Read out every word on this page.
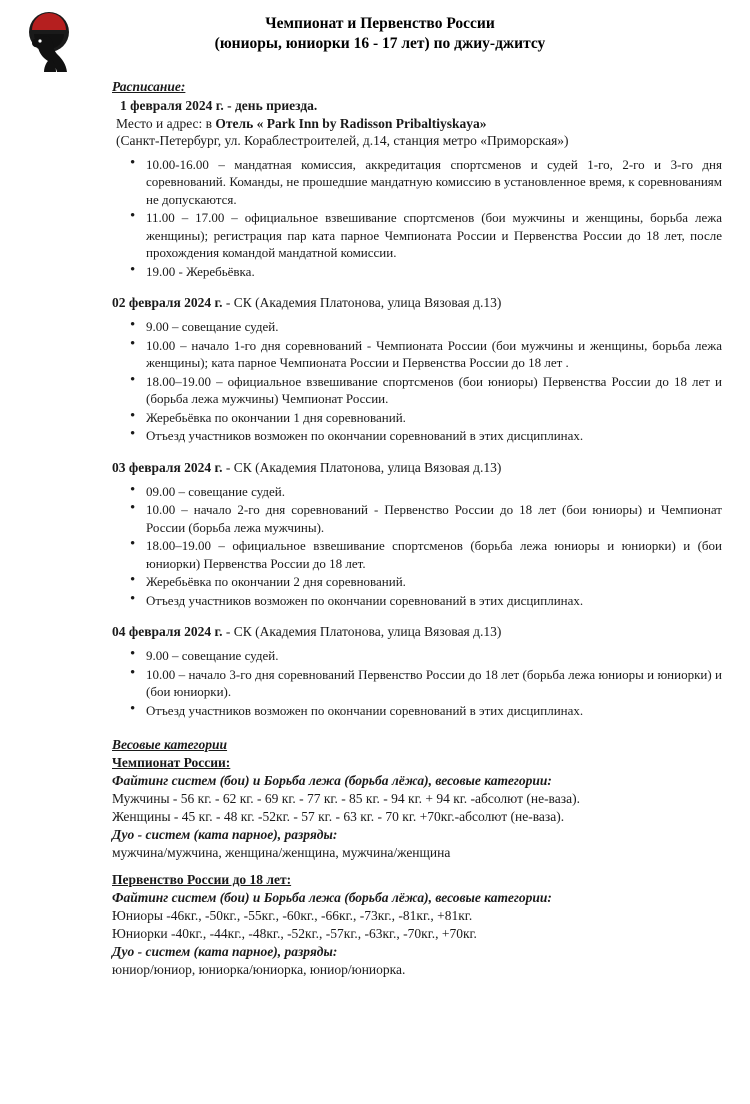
Чемпионат и Первенство России
(юниоры, юниорки 16 - 17 лет) по джиу-джитсу
Расписание:
1 февраля 2024 г. - день приезда.
Место и адрес: в Отель « Park Inn by Radisson Pribaltiyskaya»
(Санкт-Петербург, ул. Кораблестроителей, д.14, станция метро «Приморская»)
• 10.00-16.00 – мандатная комиссия, аккредитация спортсменов и судей 1-го, 2-го и 3-го дня соревнований. Команды, не прошедшие мандатную комиссию в установленное время, к соревнованиям не допускаются.
• 11.00 – 17.00 – официальное взвешивание спортсменов (бои мужчины и женщины, борьба лежа женщины); регистрация пар ката парное Чемпионата России и Первенства России до 18 лет, после прохождения командой мандатной комиссии.
• 19.00 - Жеребьёвка.
02 февраля 2024 г. - СК (Академия Платонова, улица Вязовая д.13)
• 9.00 – совещание судей.
• 10.00 – начало 1-го дня соревнований - Чемпионата России (бои мужчины и женщины, борьба лежа женщины); ката парное Чемпионата России и Первенства России до 18 лет .
• 18.00–19.00 – официальное взвешивание спортсменов (бои юниоры) Первенства России до 18 лет и (борьба лежа мужчины) Чемпионат России.
• Жеребьёвка по окончании 1 дня соревнований.
• Отъезд участников возможен по окончании соревнований в этих дисциплинах.
03 февраля 2024 г. - СК (Академия Платонова, улица Вязовая д.13)
• 09.00 – совещание судей.
• 10.00 – начало 2-го дня соревнований - Первенство России до 18 лет (бои юниоры) и Чемпионат России (борьба лежа мужчины).
• 18.00–19.00 – официальное взвешивание спортсменов (борьба лежа юниоры и юниорки) и (бои юниорки) Первенства России до 18 лет.
• Жеребьёвка по окончании 2 дня соревнований.
• Отъезд участников возможен по окончании соревнований в этих дисциплинах.
04 февраля 2024 г. - СК (Академия Платонова, улица Вязовая д.13)
• 9.00 – совещание судей.
• 10.00 – начало 3-го дня соревнований Первенство России до 18 лет (борьба лежа юниоры и юниорки) и (бои юниорки).
• Отъезд участников возможен по окончании соревнований в этих дисциплинах.
Весовые категории
Чемпионат России:
Файтинг систем (бои) и Борьба лежа (борьба лёжа), весовые категории:
Мужчины - 56 кг. - 62 кг. - 69 кг. - 77 кг. - 85 кг. - 94 кг. + 94 кг. -абсолют (не-ваза).
Женщины - 45 кг. - 48 кг. -52кг. - 57 кг. - 63 кг. - 70 кг. +70кг.-абсолют (не-ваза).
Дуо - систем (ката парное), разряды:
мужчина/мужчина, женщина/женщина, мужчина/женщина
Первенство России до 18 лет:
Файтинг систем (бои) и Борьба лежа (борьба лёжа), весовые категории:
Юниоры -46кг., -50кг., -55кг., -60кг., -66кг., -73кг., -81кг., +81кг.
Юниорки -40кг., -44кг., -48кг., -52кг., -57кг., -63кг., -70кг., +70кг.
Дуо - систем (ката парное), разряды:
юниор/юниор, юниорка/юниорка, юниор/юниорка.
